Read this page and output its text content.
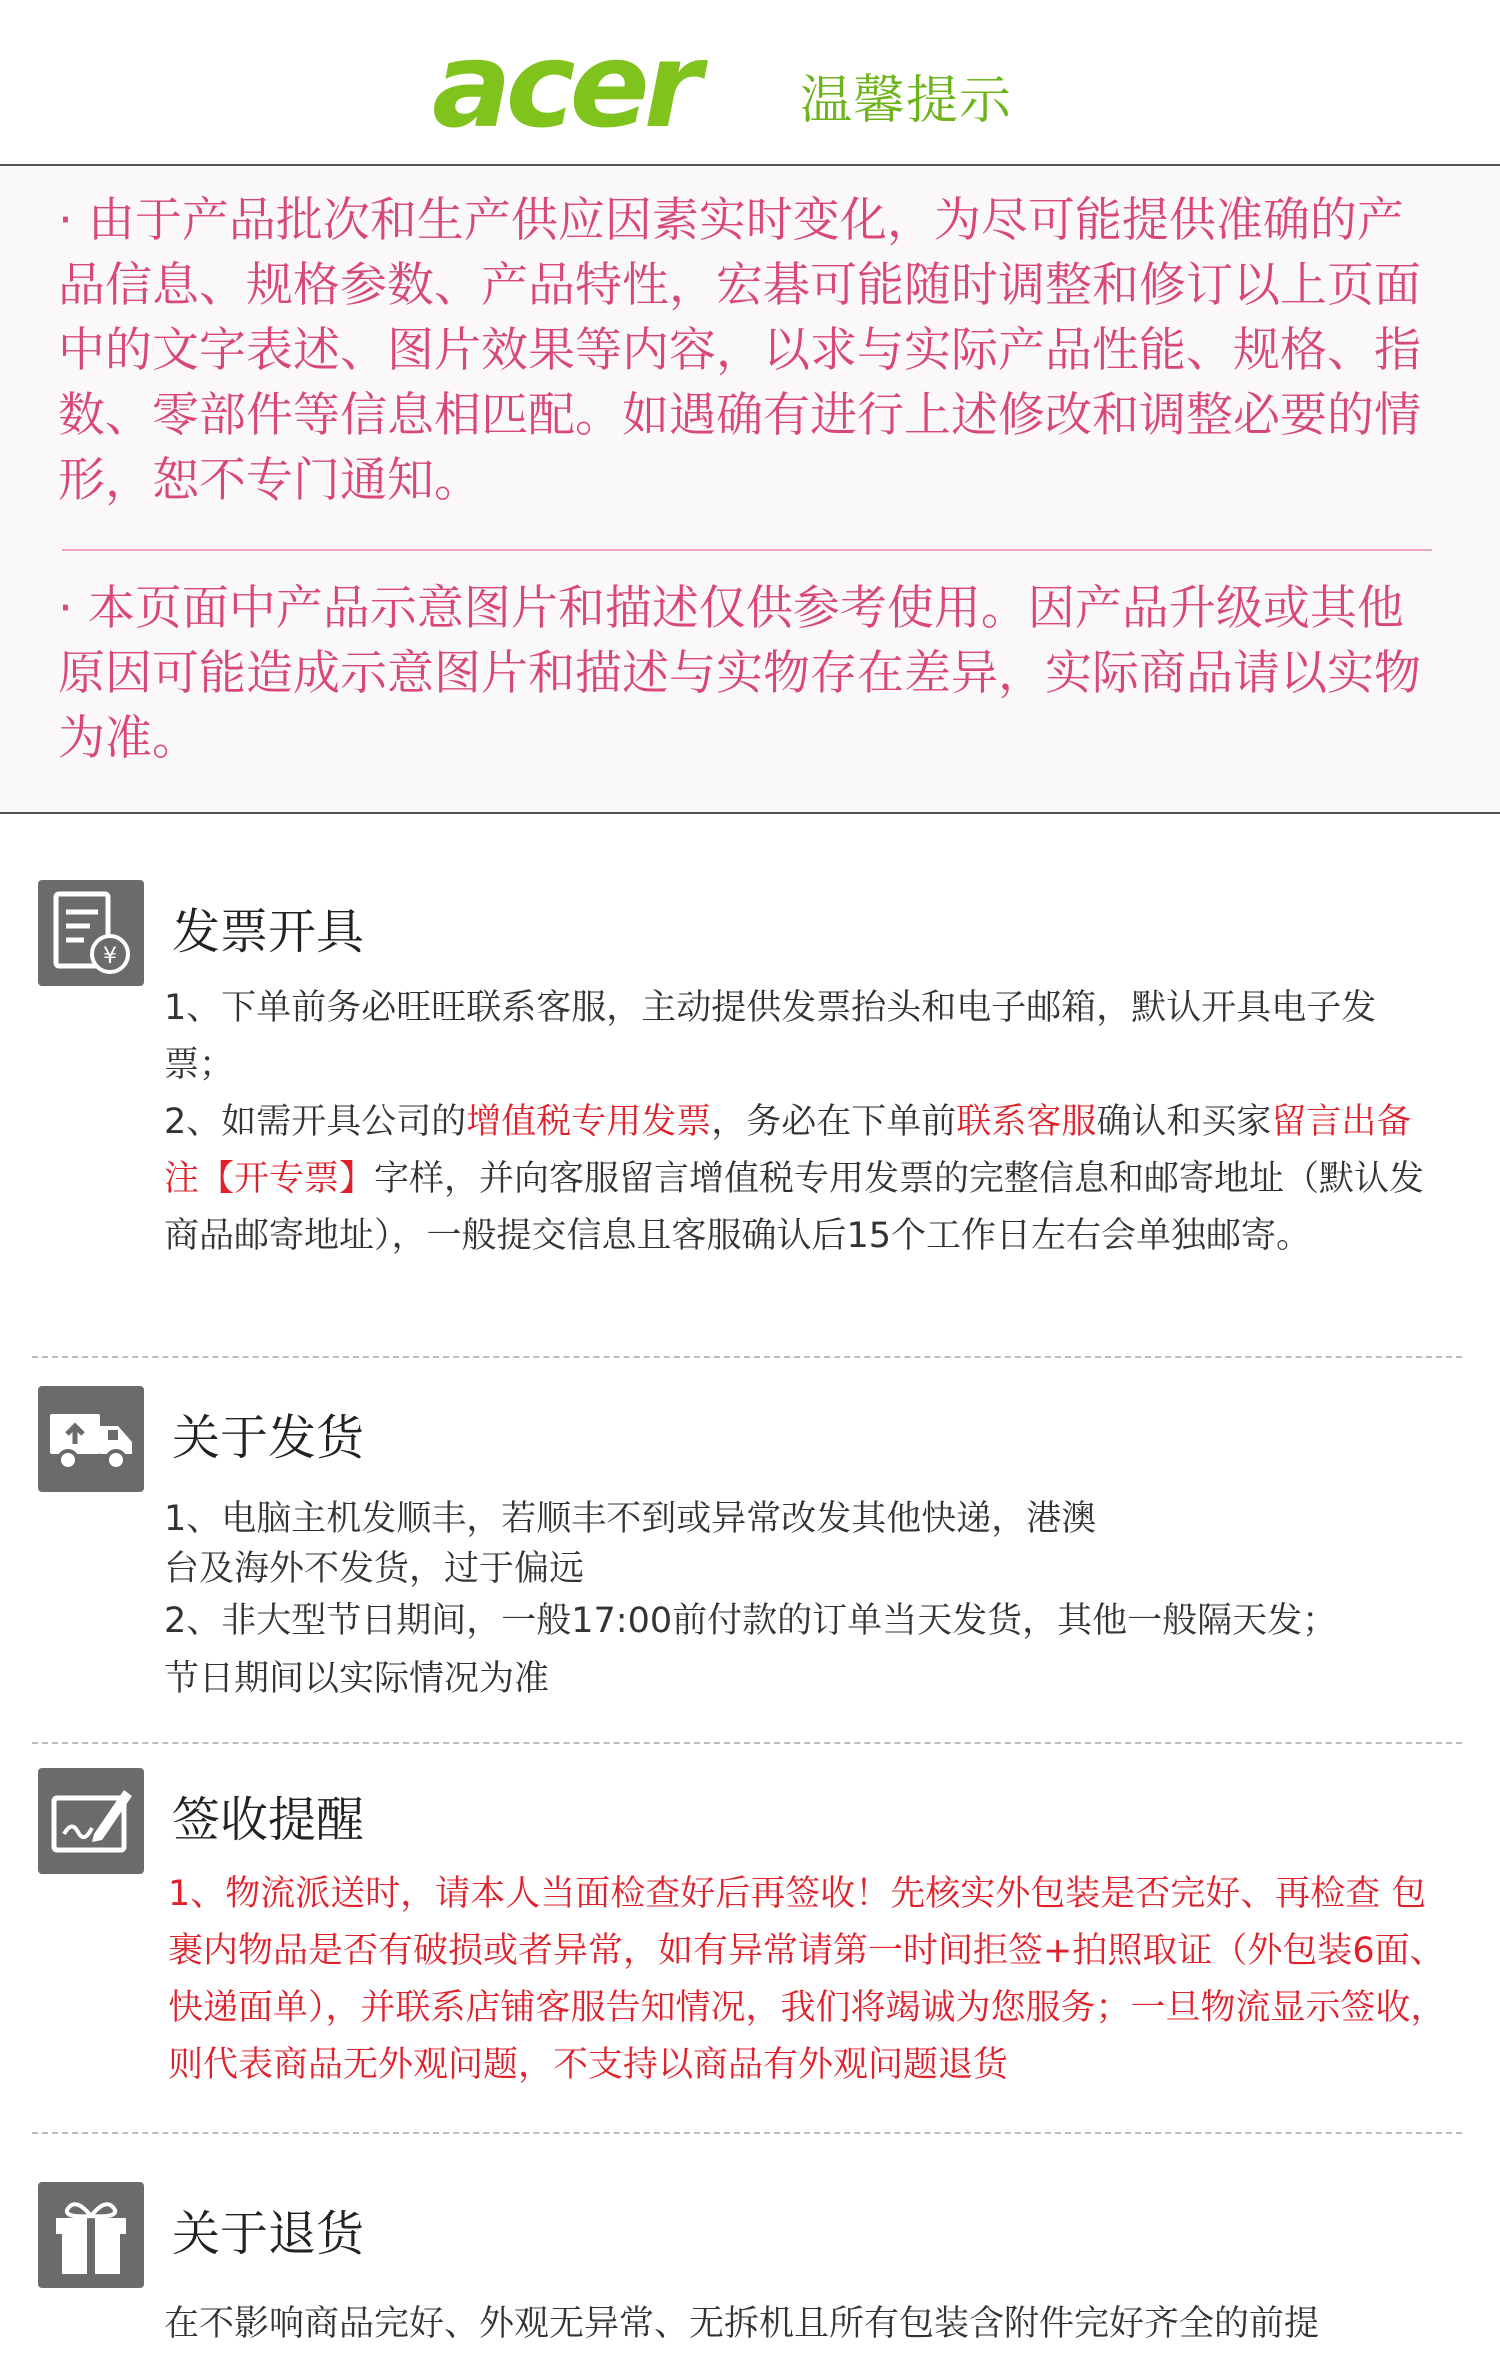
acer 温馨提示

· 由于产品批次和生产供应因素实时变化，为尽可能提供准确的产品信息、规格参数、产品特性，宏碁可能随时调整和修订以上页面中的文字表述、图片效果等内容，以求与实际产品性能、规格、指数、零部件等信息相匹配。如遇确有进行上述修改和调整必要的情形，恕不专门通知。

· 本页面中产品示意图片和描述仅供参考使用。因产品升级或其他原因可能造成示意图片和描述与实物存在差异，实际商品请以实物为准。

¥ 发票开具
1、下单前务必旺旺联系客服，主动提供发票抬头和电子邮箱，默认开具电子发票；
2、如需开具公司的增值税专用发票，务必在下单前联系客服确认和买家留言出备注【开专票】字样，并向客服留言增值税专用发票的完整信息和邮寄地址（默认发商品邮寄地址），一般提交信息且客服确认后15个工作日左右会单独邮寄。
关于发货
1、电脑主机发顺丰，若顺丰不到或异常改发其他快递，港澳
台及海外不发货，过于偏远
2、非大型节日期间，一般17:00前付款的订单当天发货，其他一般隔天发；
节日期间以实际情况为准
签收提醒
1、物流派送时，请本人当面检查好后再签收！先核实外包装是否完好、再检查 包裹内物品是否有破损或者异常，如有异常请第一时间拒签+拍照取证（外包装6面、快递面单），并联系店铺客服告知情况，我们将竭诚为您服务；一旦物流显示签收，则代表商品无外观问题，不支持以商品有外观问题退货
关于退货
在不影响商品完好、外观无异常、无拆机且所有包装含附件完好齐全的前提
